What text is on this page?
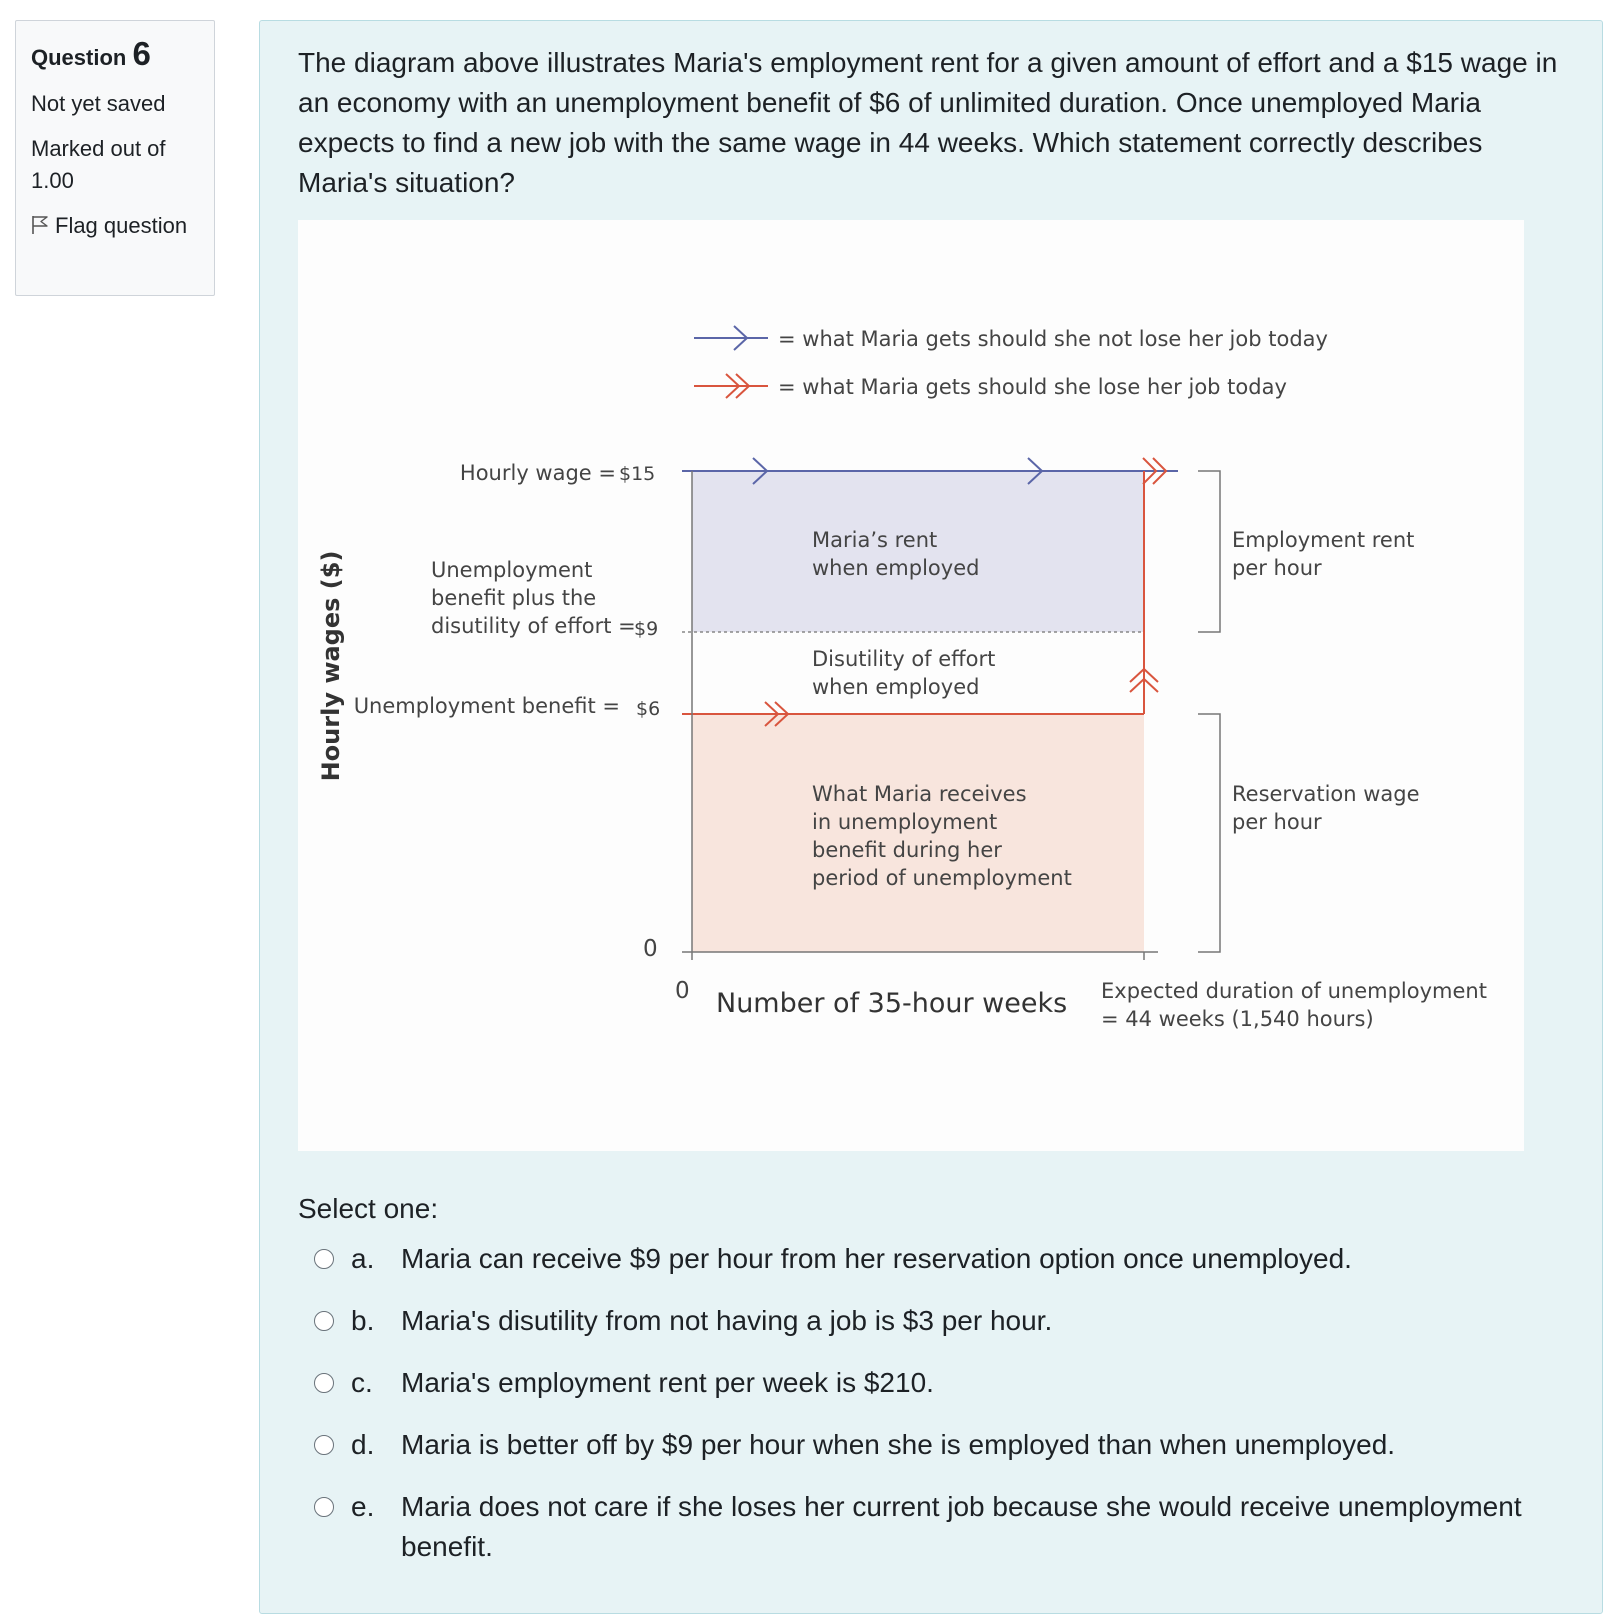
Question 6
Not yet saved
Marked out of 1.00
Flag question

The diagram above illustrates Maria's employment rent for a given amount of effort and a $15 wage in an economy with an unemployment benefit of $6 of unlimited duration. Once unemployed Maria expects to find a new job with the same wage in 44 weeks. Which statement correctly describes Maria's situation?

= what Maria gets should she not lose her job today
= what Maria gets should she lose her job today
Hourly wages ($)
Hourly wage = $15
Unemployment
benefit plus the
disutility of effort =
$9
Unemployment benefit = $6
0
0
Maria’s rent
when employed
Disutility of effort
when employed
What Maria receives
in unemployment
benefit during her
period of unemployment
Employment rent
per hour
Reservation wage
per hour
Number of 35-hour weeks Expected duration of unemployment
= 44 weeks (1,540 hours)

Select one:

a. Maria can receive $9 per hour from her reservation option once unemployed.
b. Maria's disutility from not having a job is $3 per hour.
c.	Maria's employment rent per week is $210.
d. Maria is better off by $9 per hour when she is employed than when unemployed.
e. Maria does not care if she loses her current job because she would receive unemployment benefit.
